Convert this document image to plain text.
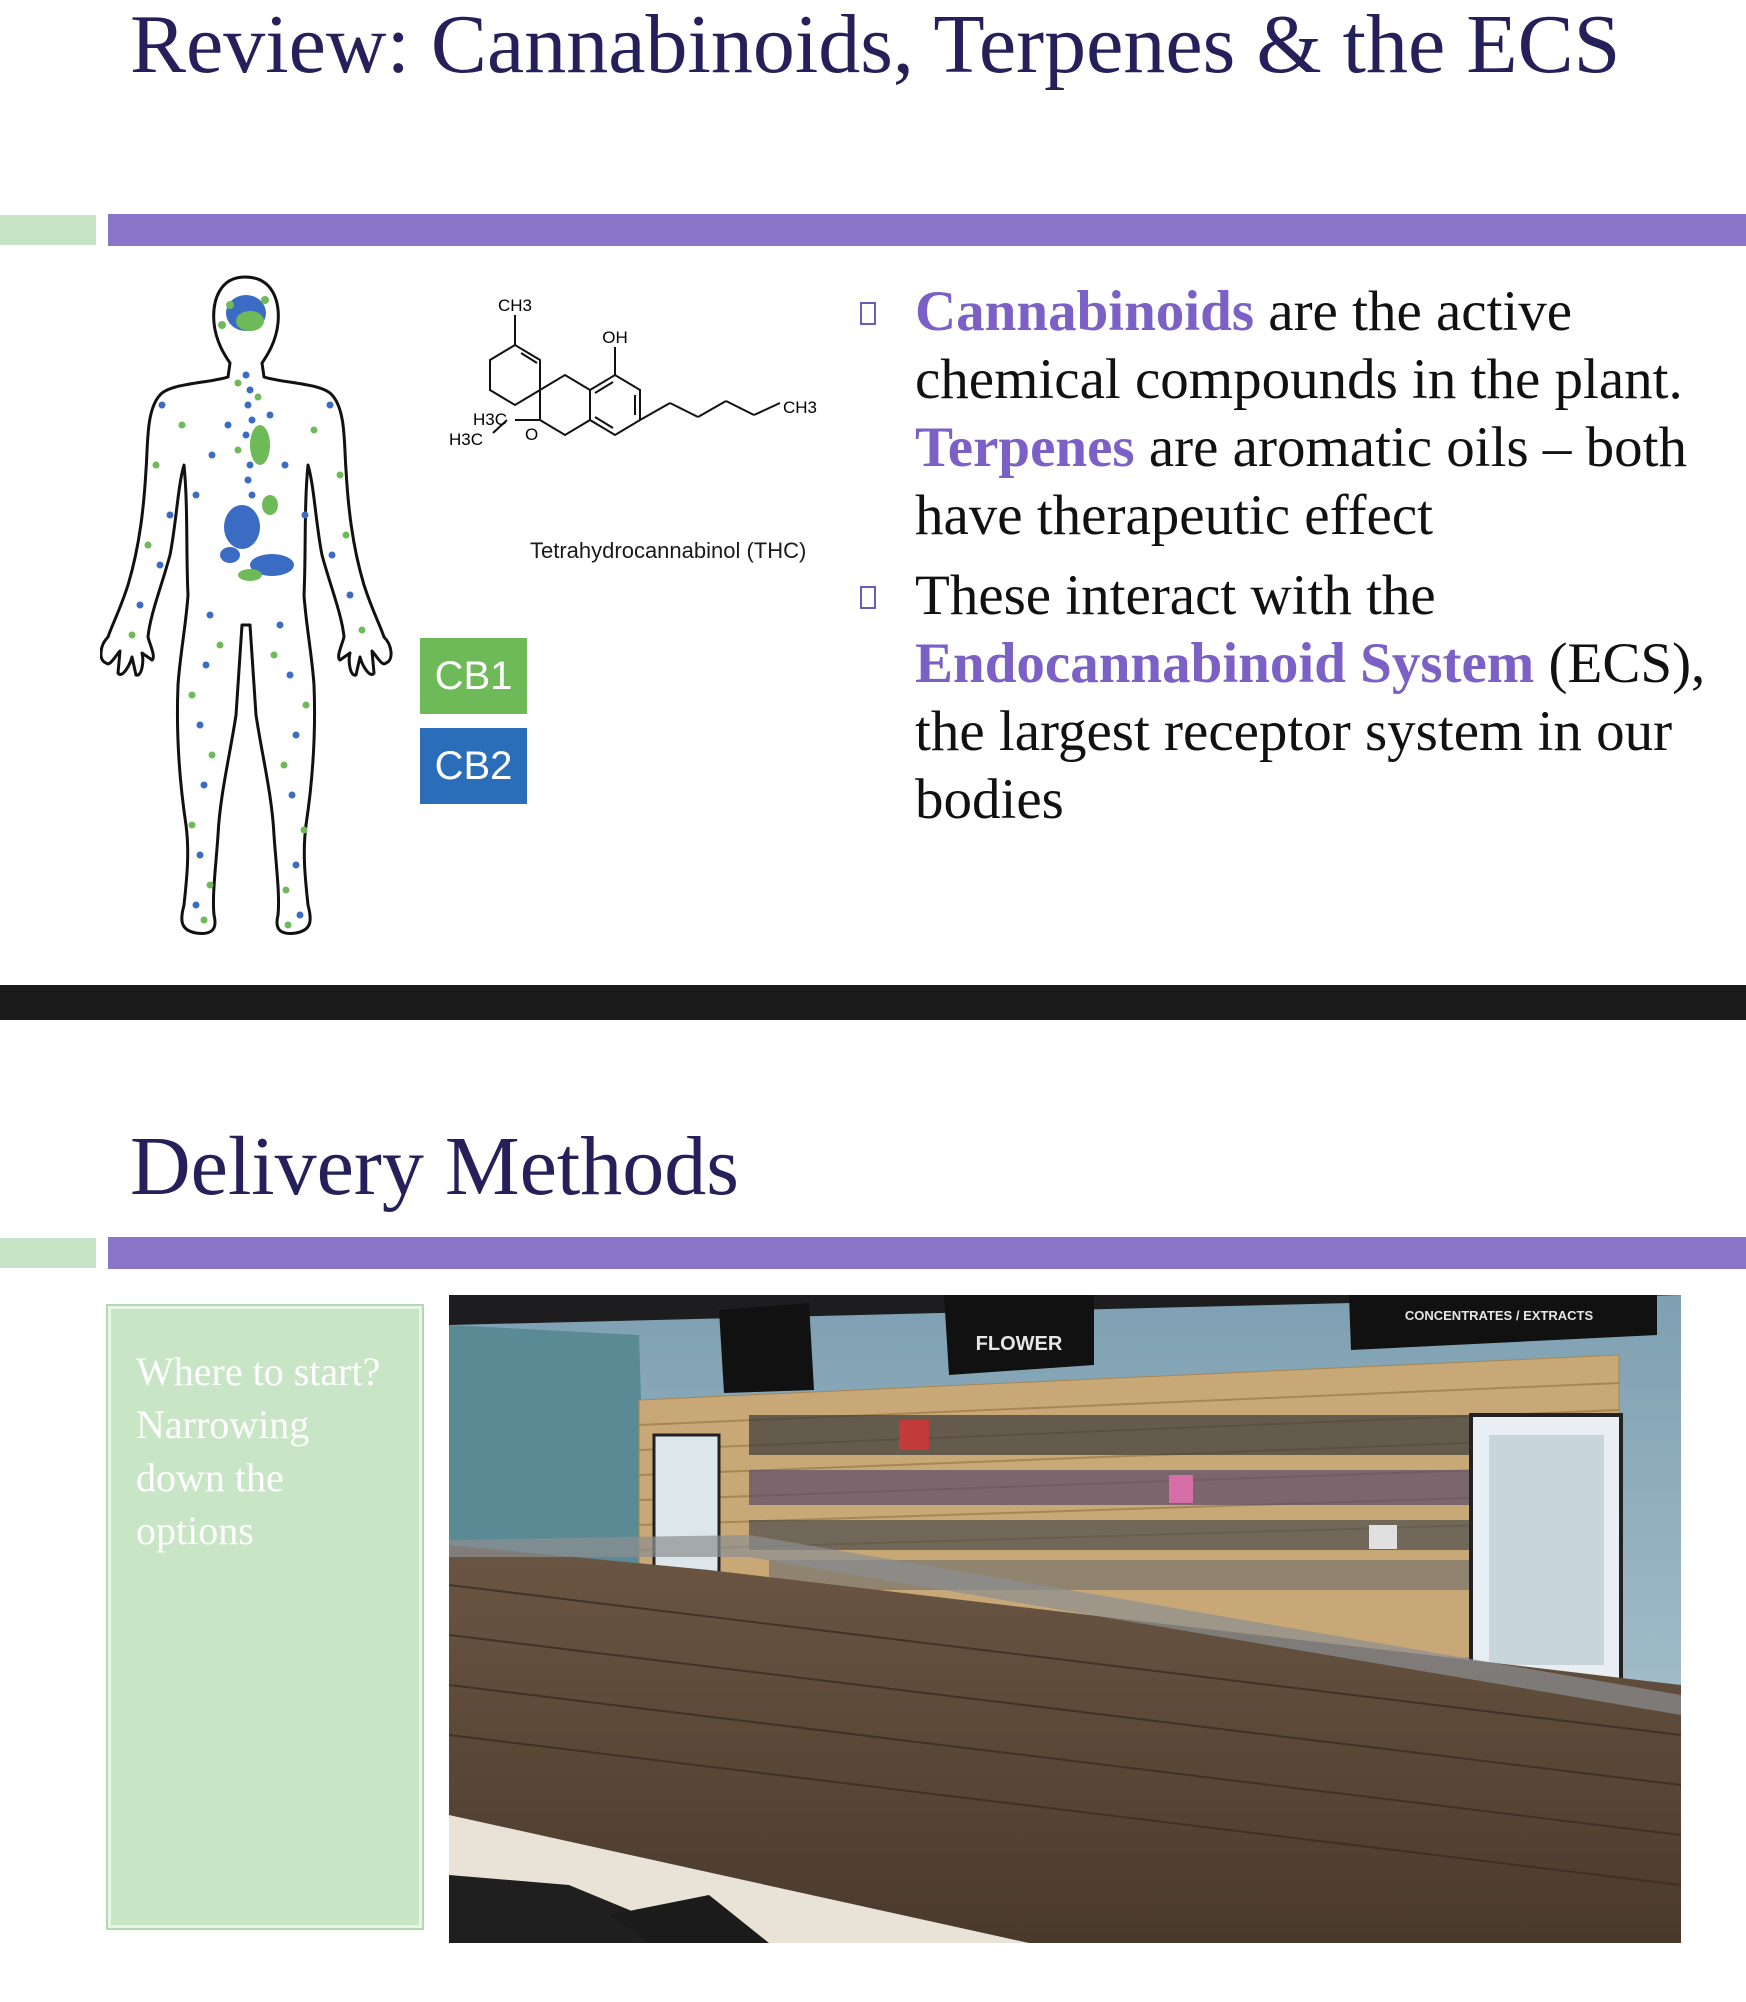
Review: Cannabinoids, Terpenes & the ECS
CH3
OH
H3C
H3C O
CH3
Tetrahydrocannabinol (THC)
CB1
CB2
Cannabinoids are the active chemical compounds in the plant. Terpenes are aromatic oils – both have therapeutic effect
These interact with the Endocannabinoid System (ECS), the largest receptor system in our bodies
Delivery Methods
Where to start? Narrowing down the options
FLOWER
CONCENTRATES / EXTRACTS
